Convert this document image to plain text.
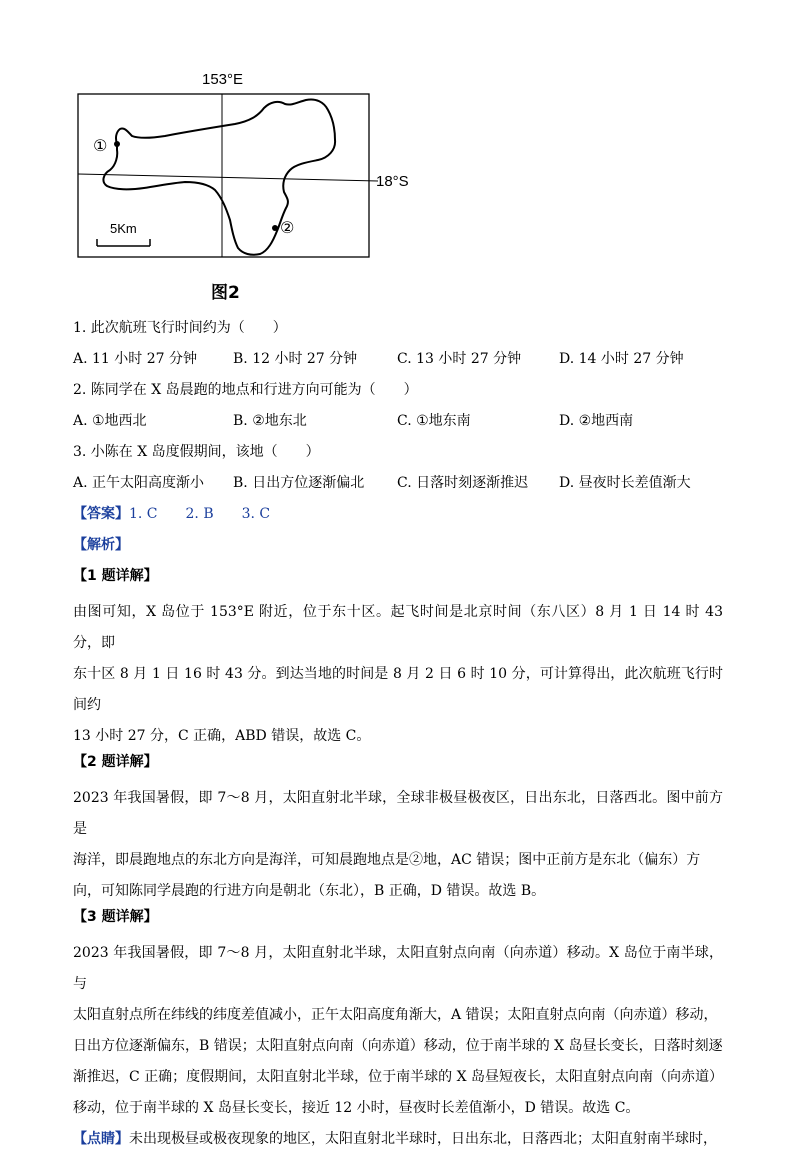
153°E
18°S
5Km
①
②
图2
1. 此次航班飞行时间约为（　　）
A. 11 小时 27 分钟	B. 12 小时 27 分钟	C. 13 小时 27 分钟	D. 14 小时 27 分钟
2. 陈同学在 X 岛晨跑的地点和行进方向可能为（　　）
A. ①地西北	B. ②地东北	C. ①地东南	D. ②地西南
3. 小陈在 X 岛度假期间，该地（　　）
A. 正午太阳高度渐小	B. 日出方位逐渐偏北	C. 日落时刻逐渐推迟	D. 昼夜时长差值渐大
【答案】1. C　　2. B　　3. C
【解析】
【1 题详解】
由图可知，X 岛位于 153°E 附近，位于东十区。起飞时间是北京时间（东八区）8 月 1 日 14 时 43 分，即
东十区 8 月 1 日 16 时 43 分。到达当地的时间是 8 月 2 日 6 时 10 分，可计算得出，此次航班飞行时间约
13 小时 27 分，C 正确，ABD 错误，故选 C。
【2 题详解】
2023 年我国暑假，即 7～8 月，太阳直射北半球，全球非极昼极夜区，日出东北，日落西北。图中前方是
海洋，即晨跑地点的东北方向是海洋，可知晨跑地点是②地，AC 错误；图中正前方是东北（偏东）方
向，可知陈同学晨跑的行进方向是朝北（东北），B 正确，D 错误。故选 B。
【3 题详解】
2023 年我国暑假，即 7～8 月，太阳直射北半球，太阳直射点向南（向赤道）移动。X 岛位于南半球，与
太阳直射点所在纬线的纬度差值减小，正午太阳高度角渐大，A 错误；太阳直射点向南（向赤道）移动，
日出方位逐渐偏东，B 错误；太阳直射点向南（向赤道）移动，位于南半球的 X 岛昼长变长，日落时刻逐
渐推迟，C 正确；度假期间，太阳直射北半球，位于南半球的 X 岛昼短夜长，太阳直射点向南（向赤道）
移动，位于南半球的 X 岛昼长变长，接近 12 小时，昼夜时长差值渐小，D 错误。故选 C。
【点睛】未出现极昼或极夜现象的地区，太阳直射北半球时，日出东北，日落西北；太阳直射南半球时，
